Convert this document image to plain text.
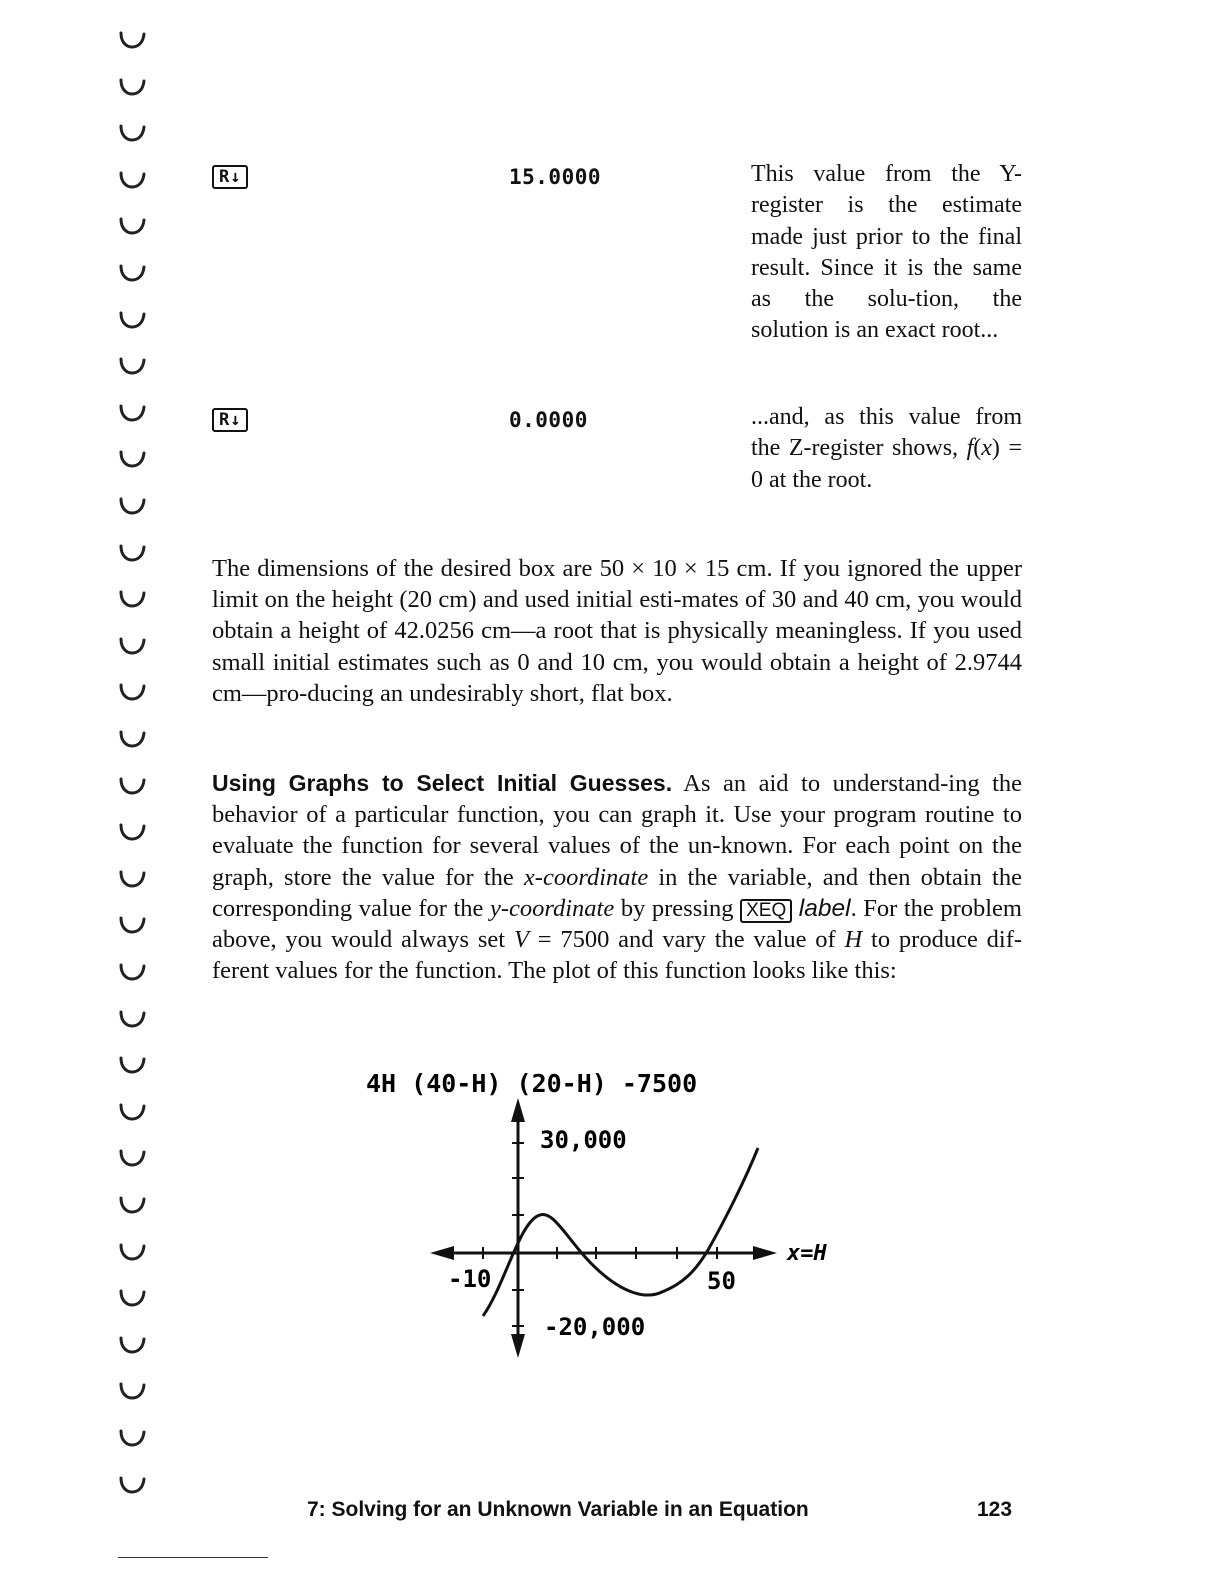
R↓	15.0000	This value from the Y-register is the estimate made just prior to the final result. Since it is the same as the solu-tion, the solution is an exact root...
R↓	0.0000	...and, as this value from the Z-register shows, f(x) = 0 at the root.
The dimensions of the desired box are 50 × 10 × 15 cm. If you ignored the upper limit on the height (20 cm) and used initial esti-mates of 30 and 40 cm, you would obtain a height of 42.0256 cm—a root that is physically meaningless. If you used small initial estimates such as 0 and 10 cm, you would obtain a height of 2.9744 cm—pro-ducing an undesirably short, flat box.
Using Graphs to Select Initial Guesses. As an aid to understand-ing the behavior of a particular function, you can graph it. Use your program routine to evaluate the function for several values of the un-known. For each point on the graph, store the value for the x-coordinate in the variable, and then obtain the corresponding value for the y-coordinate by pressing XEQ label. For the problem above, you would always set V = 7500 and vary the value of H to produce dif-ferent values for the function. The plot of this function looks like this:
4H (40-H) (20-H) -7500
30,000
-20,000
-10	50
x=H
7: Solving for an Unknown Variable in an Equation	123
